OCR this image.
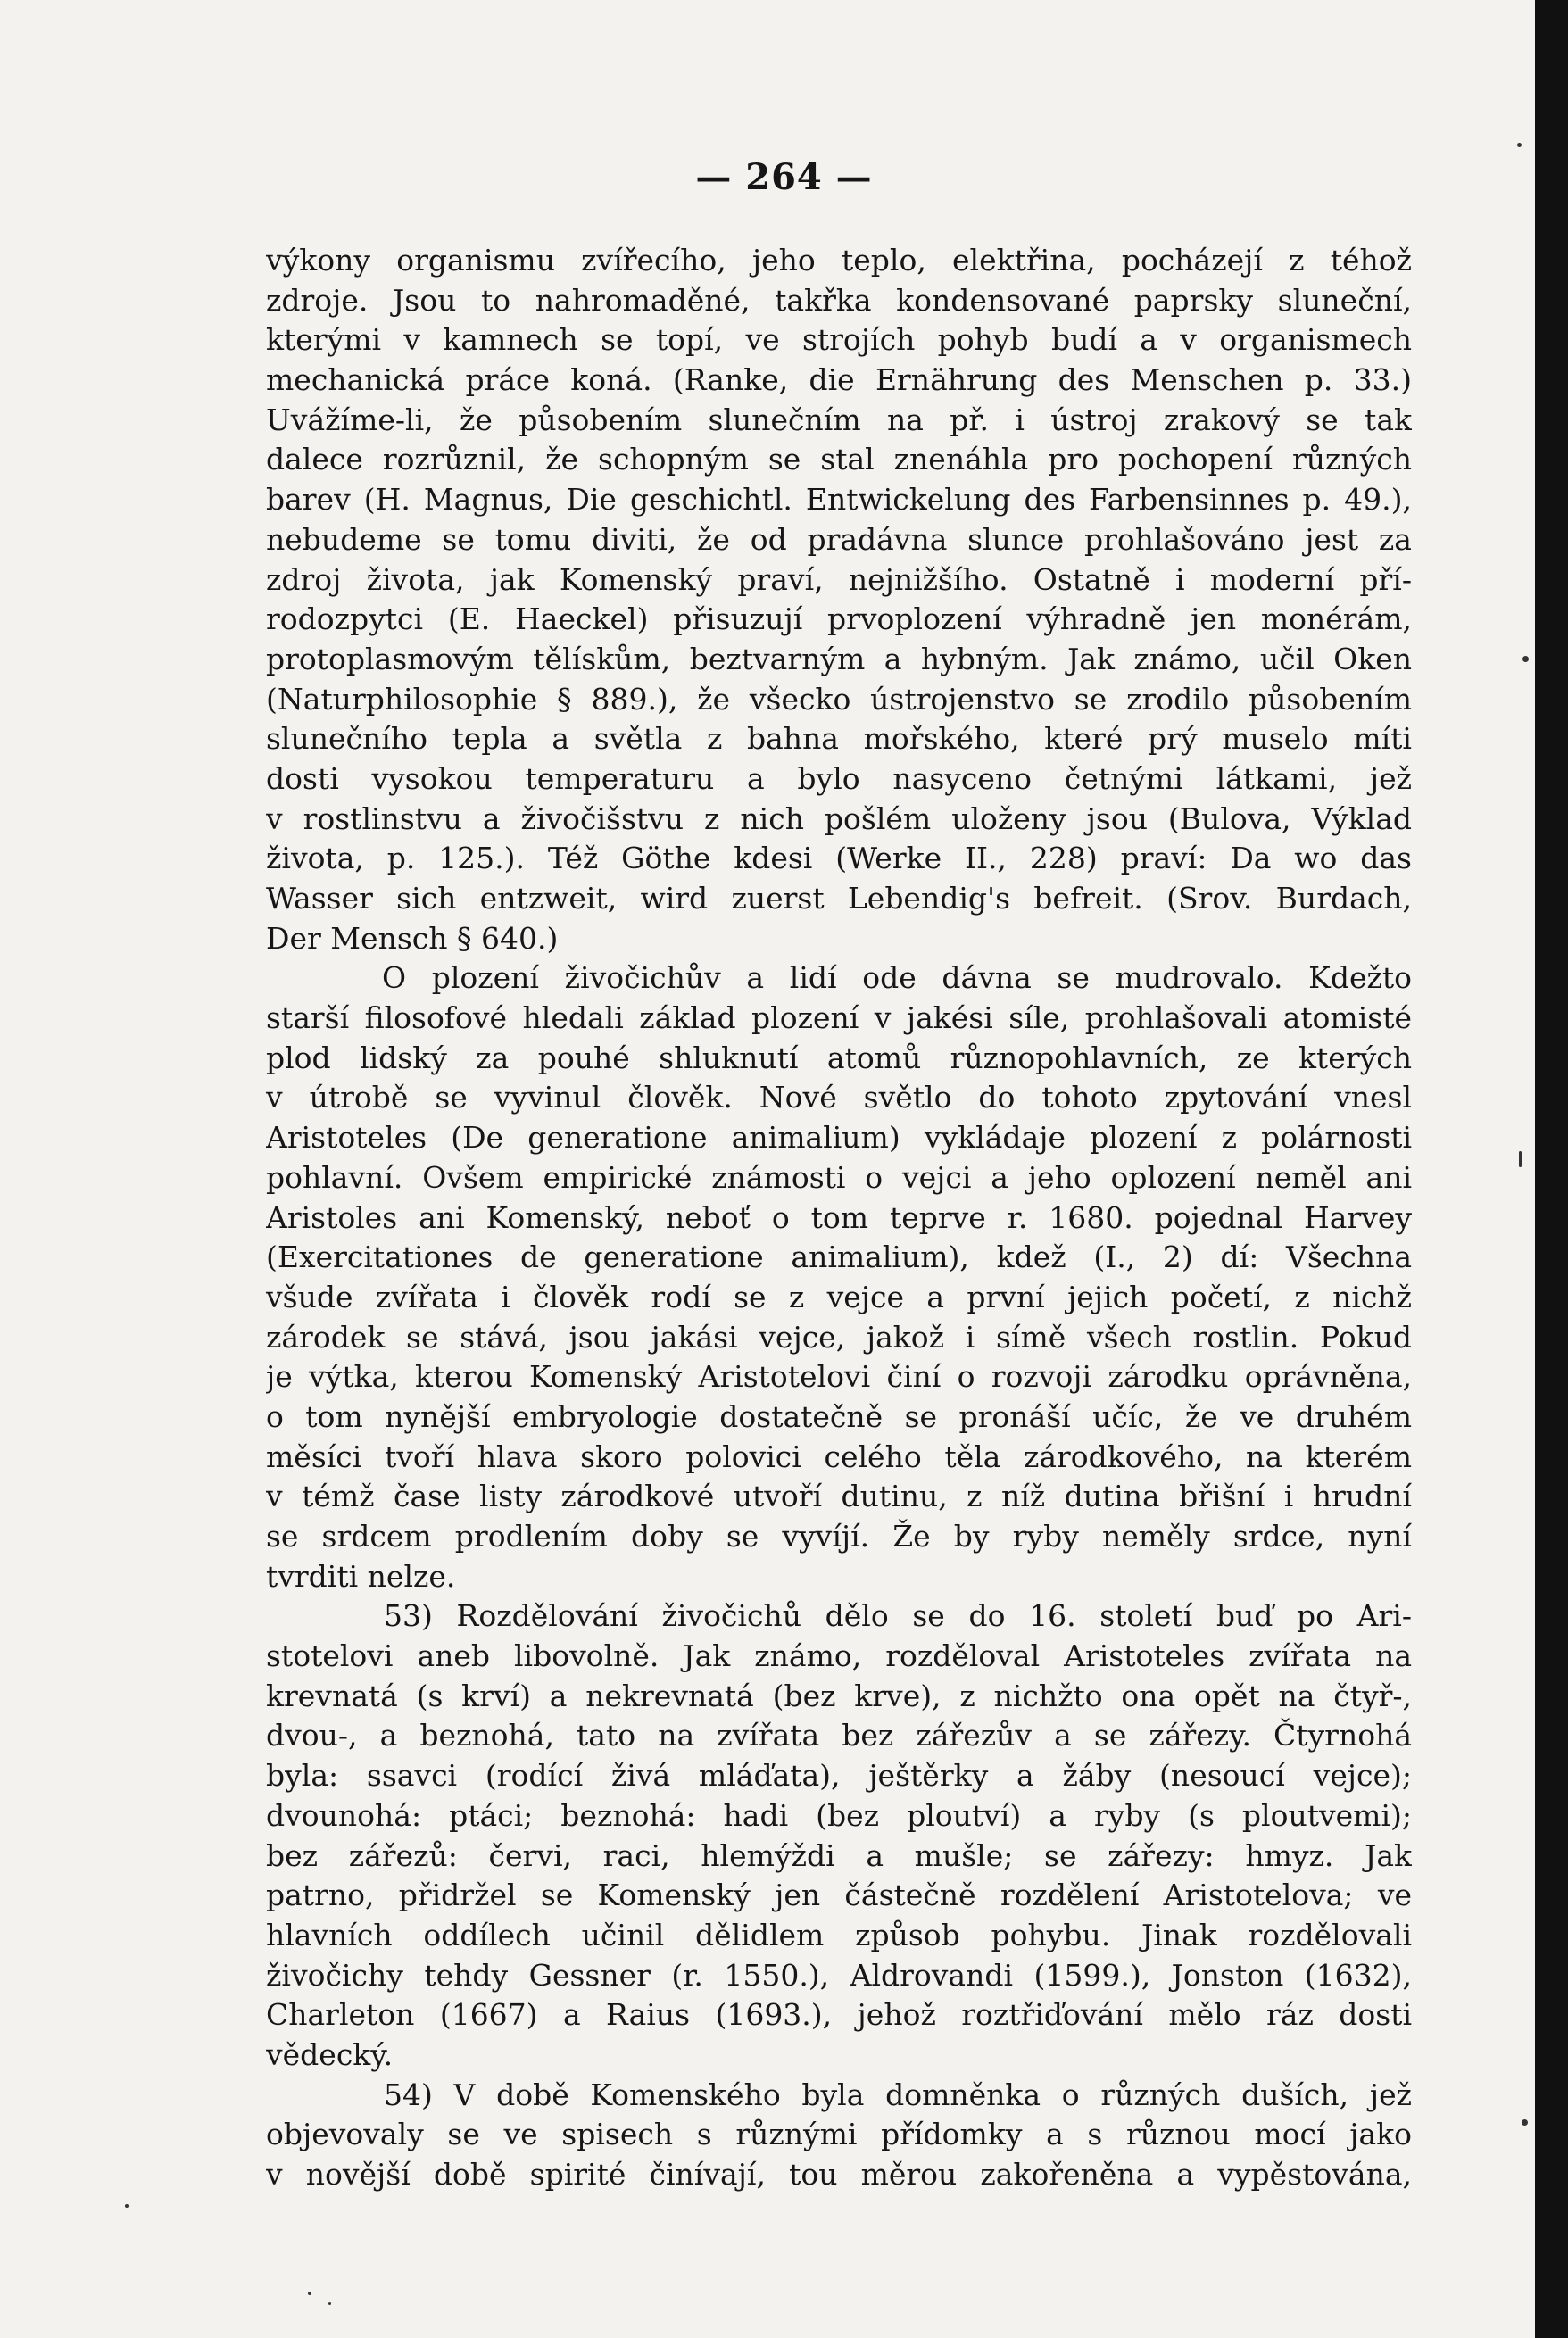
— 264 —
výkony organismu zvířecího, jeho teplo, elektřina, pocházejí z téhož
zdroje. Jsou to nahromaděné, takřka kondensované paprsky sluneční,
kterými v kamnech se topí, ve strojích pohyb budí a v organismech
mechanická práce koná. (Ranke, die Ernährung des Menschen p. 33.)
Uvážíme-li, že působením slunečním na př. i ústroj zrakový se tak
dalece rozrůznil, že schopným se stal znenáhla pro pochopení různých
barev (H. Magnus, Die geschichtl. Entwickelung des Farbensinnes p. 49.),
nebudeme se tomu diviti, že od pradávna slunce prohlašováno jest za
zdroj života, jak Komenský praví, nejnižšího. Ostatně i moderní pří-
rodozpytci (E. Haeckel) přisuzují prvoplození výhradně jen monérám,
protoplasmovým tělískům, beztvarným a hybným. Jak známo, učil Oken
(Naturphilosophie § 889.), že všecko ústrojenstvo se zrodilo působením
slunečního tepla a světla z bahna mořského, které prý muselo míti
dosti vysokou temperaturu a bylo nasyceno četnými látkami, jež
v rostlinstvu a živočišstvu z nich pošlém uloženy jsou (Bulova, Výklad
života, p. 125.). Též Göthe kdesi (Werke II., 228) praví: Da wo das
Wasser sich entzweit, wird zuerst Lebendig's befreit. (Srov. Burdach,
Der Mensch § 640.)
O plození živočichův a lidí ode dávna se mudrovalo. Kdežto
starší filosofové hledali základ plození v jakési síle, prohlašovali atomisté
plod lidský za pouhé shluknutí atomů různopohlavních, ze kterých
v útrobě se vyvinul člověk. Nové světlo do tohoto zpytování vnesl
Aristoteles (De generatione animalium) vykládaje plození z polárnosti
pohlavní. Ovšem empirické známosti o vejci a jeho oplození neměl ani
Aristoles ani Komenský, neboť o tom teprve r. 1680. pojednal Harvey
(Exercitationes de generatione animalium), kdež (I., 2) dí: Všechna
všude zvířata i člověk rodí se z vejce a první jejich početí, z nichž
zárodek se stává, jsou jakási vejce, jakož i símě všech rostlin. Pokud
je výtka, kterou Komenský Aristotelovi činí o rozvoji zárodku oprávněna,
o tom nynější embryologie dostatečně se pronáší učíc, že ve druhém
měsíci tvoří hlava skoro polovici celého těla zárodkového, na kterém
v témž čase listy zárodkové utvoří dutinu, z níž dutina břišní i hrudní
se srdcem prodlením doby se vyvíjí. Že by ryby neměly srdce, nyní
tvrditi nelze.
53) Rozdělování živočichů dělo se do 16. století buď po Ari-
stotelovi aneb libovolně. Jak známo, rozděloval Aristoteles zvířata na
krevnatá (s krví) a nekrevnatá (bez krve), z nichžto ona opět na čtyř-,
dvou-, a beznohá, tato na zvířata bez zářezův a se zářezy. Čtyrnohá
byla: ssavci (rodící živá mláďata), ještěrky a žáby (nesoucí vejce);
dvounohá: ptáci; beznohá: hadi (bez ploutví) a ryby (s ploutvemi);
bez zářezů: červi, raci, hlemýždi a mušle; se zářezy: hmyz. Jak
patrno, přidržel se Komenský jen částečně rozdělení Aristotelova; ve
hlavních oddílech učinil dělidlem způsob pohybu. Jinak rozdělovali
živočichy tehdy Gessner (r. 1550.), Aldrovandi (1599.), Jonston (1632),
Charleton (1667) a Raius (1693.), jehož roztřiďování mělo ráz dosti
vědecký.
54) V době Komenského byla domněnka o různých duších, jež
objevovaly se ve spisech s různými přídomky a s různou mocí jako
v novější době spirité činívají, tou měrou zakořeněna a vypěstována,
